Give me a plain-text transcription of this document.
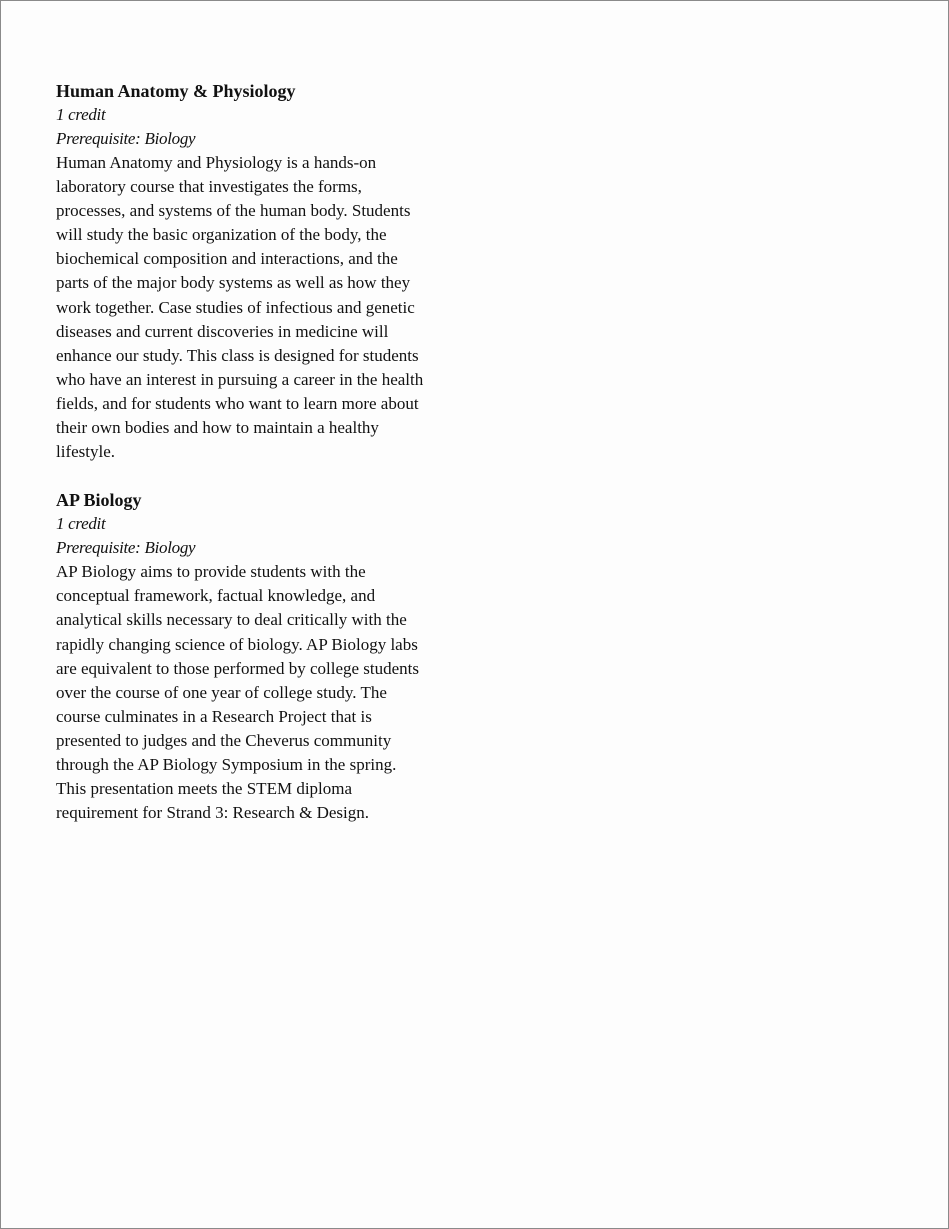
Human Anatomy & Physiology

1 credit

Prerequisite: Biology

Human Anatomy and Physiology is a hands-on
laboratory course that investigates the forms,
processes, and systems of the human body. Students
will study the basic organization of the body, the
biochemical composition and interactions, and the
parts of the major body systems as well as how they
work together. Case studies of infectious and genetic
diseases and current discoveries in medicine will
enhance our study. This class is designed for students
who have an interest in pursuing a career in the health
fields, and for students who want to learn more about
their own bodies and how to maintain a healthy
lifestyle.

AP Biology

1 credit

Prerequisite: Biology

AP Biology aims to provide students with the
conceptual framework, factual knowledge, and
analytical skills necessary to deal critically with the
rapidly changing science of biology. AP Biology labs
are equivalent to those performed by college students
over the course of one year of college study. The
course culminates in a Research Project that is
presented to judges and the Cheverus community
through the AP Biology Symposium in the spring.
This presentation meets the STEM diploma
requirement for Strand 3: Research & Design.
